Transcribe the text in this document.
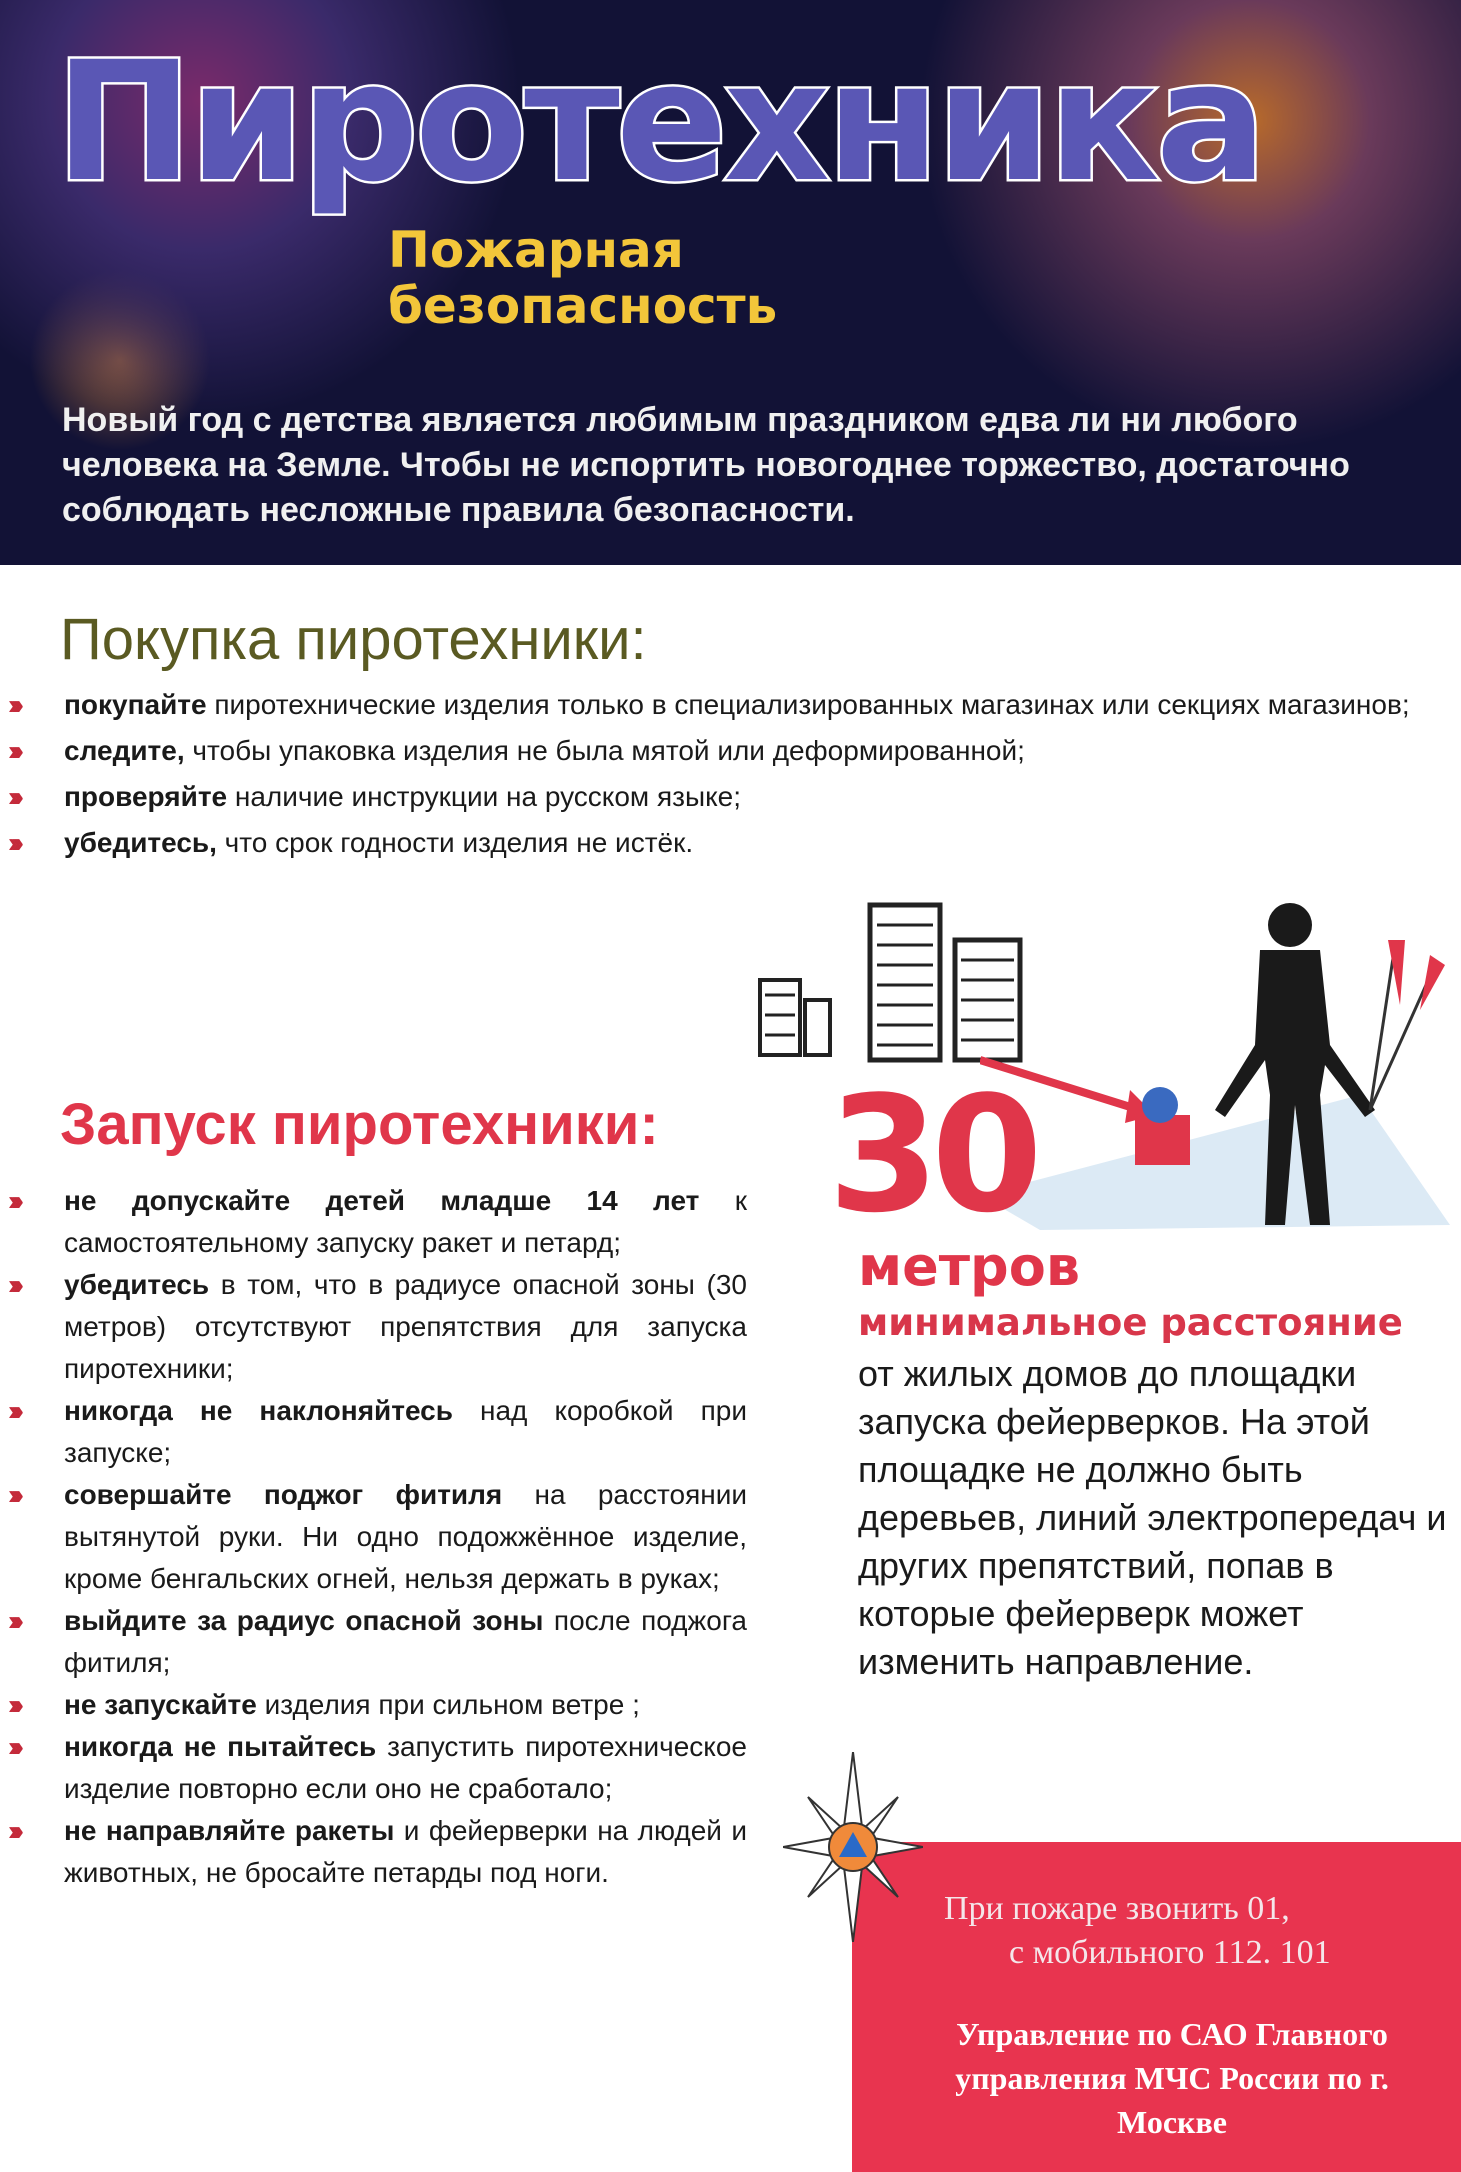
Пиротехника
Пожарная
безопасность
Новый год с детства является любимым праздником едва ли ни любого человека на Земле. Чтобы не испортить новогоднее торжество, достаточно соблюдать несложные правила безопасности.
Покупка пиротехники:
››› покупайте пиротехнические изделия только в специализированных магазинах или секциях магазинов;
››› следите, чтобы упаковка изделия не была мятой или деформированной;
››› проверяйте наличие инструкции на русском языке;
››› убедитесь, что срок годности изделия не истёк.
Запуск пиротехники:
››› не допускайте детей младше 14 лет к самостоятельному запуску ракет и петард;
››› убедитесь в том, что в радиусе опасной зоны (30 метров) отсутствуют препятствия для запуска пиротехники;
››› никогда не наклоняйтесь над коробкой при запуске;
››› совершайте поджог фитиля на расстоянии вытянутой руки. Ни одно подожжённое изделие, кроме бенгальских огней, нельзя держать в руках;
››› выйдите за радиус опасной зоны после поджога фитиля;
››› не запускайте изделия при сильном ветре ;
››› никогда не пытайтесь запустить пиротехническое изделие повторно если оно не сработало;
››› не направляйте ракеты и фейерверки на людей и животных, не бросайте петарды под ноги.
30
метров
минимальное расстояние
от жилых домов до площадки запуска фейерверков. На этой площадке не должно быть деревьев, линий электропередач и других препятствий, попав в которые фейерверк может изменить направление.
При пожаре звонить 01,
с мобильного 112. 101
Управление по САО Главного управления МЧС России по г. Москве
